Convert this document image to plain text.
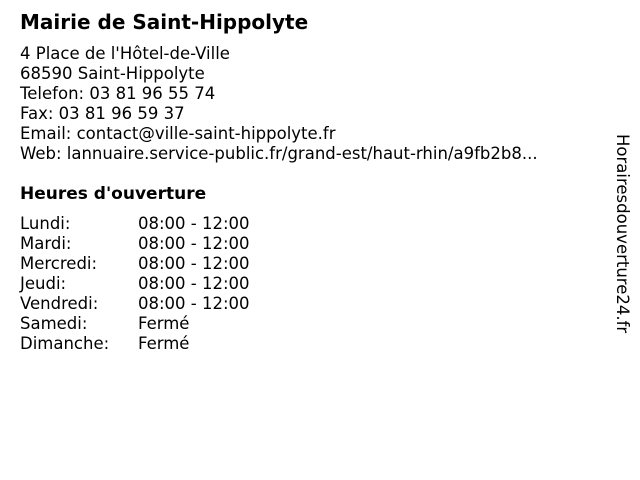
Mairie de Saint-Hippolyte
4 Place de l'Hôtel-de-Ville
68590 Saint-Hippolyte
Telefon: 03 81 96 55 74
Fax: 03 81 96 59 37
Email: contact@ville-saint-hippolyte.fr
Web: lannuaire.service-public.fr/grand-est/haut-rhin/a9fb2b8...
Heures d'ouverture
Lundi:	08:00 - 12:00
Mardi:	08:00 - 12:00
Mercredi: 08:00 - 12:00
Jeudi:	08:00 - 12:00
Vendredi: 08:00 - 12:00
Samedi:	Fermé
Dimanche: Fermé
Horairesdouverture24.fr
